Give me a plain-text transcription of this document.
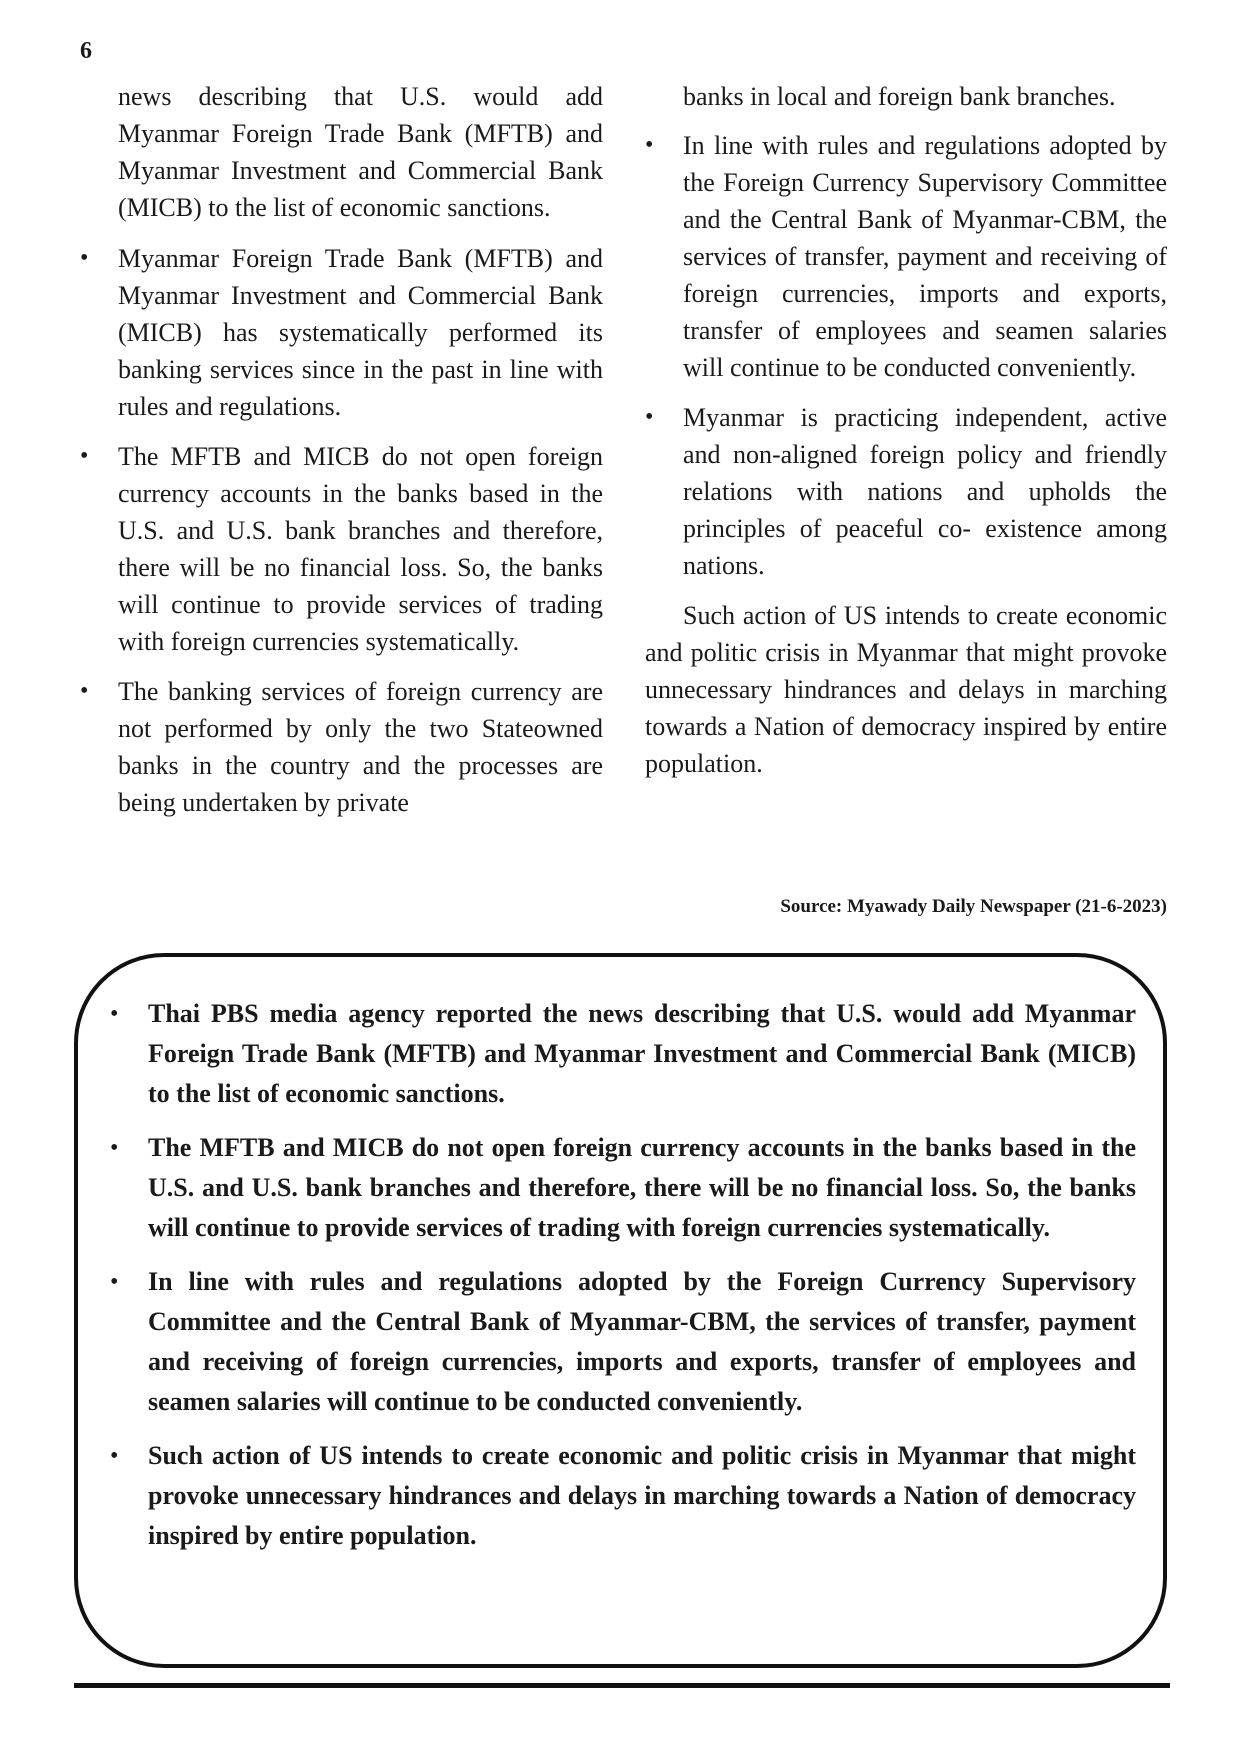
6

news describing that U.S. would add Myanmar Foreign Trade Bank (MFTB) and Myanmar Investment and Commercial Bank (MICB) to the list of economic sanctions.

• Myanmar Foreign Trade Bank (MFTB) and Myanmar Investment and Commercial Bank (MICB) has systematically performed its banking services since in the past in line with rules and regulations.
• The MFTB and MICB do not open foreign currency accounts in the banks based in the U.S. and U.S. bank branches and therefore, there will be no financial loss. So, the banks will continue to provide services of trading with foreign currencies systematically.
• The banking services of foreign currency are not performed by only the two Stateowned banks in the country and the processes are being undertaken by private

banks in local and foreign bank branches.

• In line with rules and regulations adopted by the Foreign Currency Supervisory Committee and the Central Bank of Myanmar-CBM, the services of transfer, payment and receiving of foreign currencies, imports and exports, transfer of employees and seamen salaries will continue to be conducted conveniently.
• Myanmar is practicing independent, active and non-aligned foreign policy and friendly relations with nations and upholds the principles of peaceful co- existence among nations.

Such action of US intends to create economic and politic crisis in Myanmar that might provoke unnecessary hindrances and delays in marching towards a Nation of democracy inspired by entire population.

Source: Myawady Daily Newspaper (21-6-2023)
• Thai PBS media agency reported the news describing that U.S. would add Myanmar Foreign Trade Bank (MFTB) and Myanmar Investment and Commercial Bank (MICB) to the list of economic sanctions.
• The MFTB and MICB do not open foreign currency accounts in the banks based in the U.S. and U.S. bank branches and therefore, there will be no financial loss. So, the banks will continue to provide services of trading with foreign currencies systematically.
• In line with rules and regulations adopted by the Foreign Currency Supervisory Committee and the Central Bank of Myanmar-CBM, the services of transfer, payment and receiving of foreign currencies, imports and exports, transfer of employees and seamen salaries will continue to be conducted conveniently.
• Such action of US intends to create economic and politic crisis in Myanmar that might provoke unnecessary hindrances and delays in marching towards a Nation of democracy inspired by entire population.
